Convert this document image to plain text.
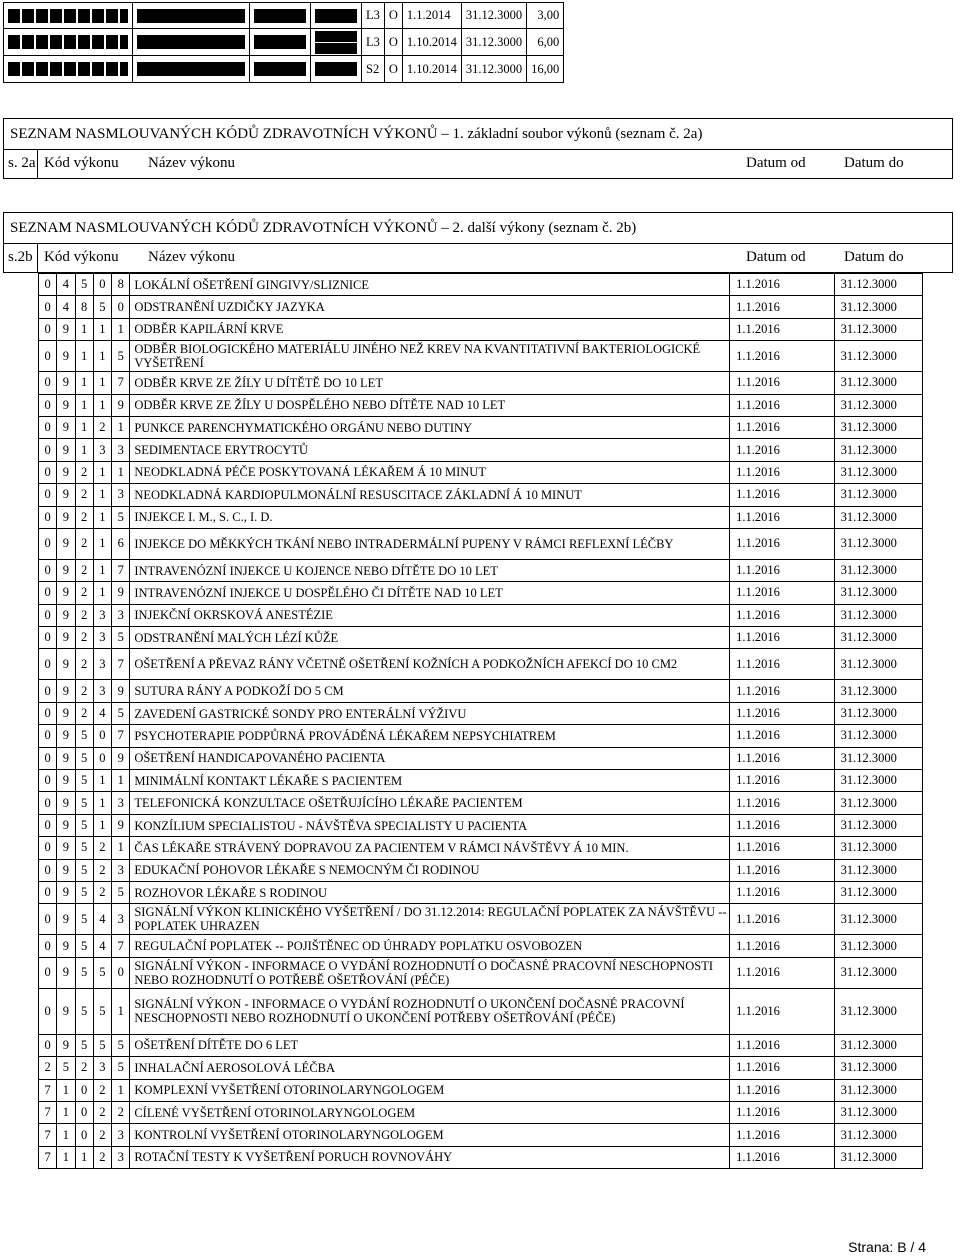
	L3	O	1.1.2014	31.12.3000	3,00

	L3	O	1.10.2014	31.12.3000	6,00

	S2	O	1.10.2014	31.12.3000	16,00
SEZNAM NASMLOUVANÝCH KÓDŮ ZDRAVOTNÍCH VÝKONŮ – 1. základní soubor výkonů (seznam č. 2a)
s. 2a Kód výkonu Název výkonu	Datum od	Datum do
SEZNAM NASMLOUVANÝCH KÓDŮ ZDRAVOTNÍCH VÝKONŮ – 2. další výkony (seznam č. 2b)
s.2b Kód výkonu Název výkonu	Datum od	Datum do
0	4	5	0	8	LOKÁLNÍ OŠETŘENÍ GINGIVY/SLIZNICE	1.1.2016	31.12.3000
0	4	8	5	0	ODSTRANĚNÍ UZDIČKY JAZYKA	1.1.2016	31.12.3000
0	9	1	1	1	ODBĚR KAPILÁRNÍ KRVE	1.1.2016	31.12.3000
0	9	1	1	5	ODBĚR BIOLOGICKÉHO MATERIÁLU JINÉHO NEŽ KREV NA KVANTITATIVNÍ BAKTERIOLOGICKÉ VYŠETŘENÍ	1.1.2016	31.12.3000
0	9	1	1	7	ODBĚR KRVE ZE ŽÍLY U DÍTĚTĚ DO 10 LET	1.1.2016	31.12.3000
0	9	1	1	9	ODBĚR KRVE ZE ŽÍLY U DOSPĚLÉHO NEBO DÍTĚTE NAD 10 LET	1.1.2016	31.12.3000
0	9	1	2	1	PUNKCE PARENCHYMATICKÉHO ORGÁNU NEBO DUTINY	1.1.2016	31.12.3000
0	9	1	3	3	SEDIMENTACE ERYTROCYTŮ	1.1.2016	31.12.3000
0	9	2	1	1	NEODKLADNÁ PÉČE POSKYTOVANÁ LÉKAŘEM Á 10 MINUT	1.1.2016	31.12.3000
0	9	2	1	3	NEODKLADNÁ KARDIOPULMONÁLNÍ RESUSCITACE ZÁKLADNÍ Á 10 MINUT	1.1.2016	31.12.3000
0	9	2	1	5	INJEKCE I. M., S. C., I. D.	1.1.2016	31.12.3000
0	9	2	1	6	INJEKCE DO MĚKKÝCH TKÁNÍ NEBO INTRADERMÁLNÍ PUPENY V RÁMCI REFLEXNÍ LÉČBY	1.1.2016	31.12.3000
0	9	2	1	7	INTRAVENÓZNÍ INJEKCE U KOJENCE NEBO DÍTĚTE DO 10 LET	1.1.2016	31.12.3000
0	9	2	1	9	INTRAVENÓZNÍ INJEKCE U DOSPĚLÉHO ČI DÍTĚTE NAD 10 LET	1.1.2016	31.12.3000
0	9	2	3	3	INJEKČNÍ OKRSKOVÁ ANESTÉZIE	1.1.2016	31.12.3000
0	9	2	3	5	ODSTRANĚNÍ MALÝCH LÉZÍ KŮŽE	1.1.2016	31.12.3000
0	9	2	3	7	OŠETŘENÍ A PŘEVAZ RÁNY VČETNĚ OŠETŘENÍ KOŽNÍCH A PODKOŽNÍCH AFEKCÍ DO 10 CM2	1.1.2016	31.12.3000
0	9	2	3	9	SUTURA RÁNY A PODKOŽÍ DO 5 CM	1.1.2016	31.12.3000
0	9	2	4	5	ZAVEDENÍ GASTRICKÉ SONDY PRO ENTERÁLNÍ VÝŽIVU	1.1.2016	31.12.3000
0	9	5	0	7	PSYCHOTERAPIE PODPŮRNÁ PROVÁDĚNÁ LÉKAŘEM NEPSYCHIATREM	1.1.2016	31.12.3000
0	9	5	0	9	OŠETŘENÍ HANDICAPOVANÉHO PACIENTA	1.1.2016	31.12.3000
0	9	5	1	1	MINIMÁLNÍ KONTAKT LÉKAŘE S PACIENTEM	1.1.2016	31.12.3000
0	9	5	1	3	TELEFONICKÁ KONZULTACE OŠETŘUJÍCÍHO LÉKAŘE PACIENTEM	1.1.2016	31.12.3000
0	9	5	1	9	KONZÍLIUM SPECIALISTOU - NÁVŠTĚVA SPECIALISTY U PACIENTA	1.1.2016	31.12.3000
0	9	5	2	1	ČAS LÉKAŘE STRÁVENÝ DOPRAVOU ZA PACIENTEM V RÁMCI NÁVŠTĚVY Á 10 MIN.	1.1.2016	31.12.3000
0	9	5	2	3	EDUKAČNÍ POHOVOR LÉKAŘE S NEMOCNÝM ČI RODINOU	1.1.2016	31.12.3000
0	9	5	2	5	ROZHOVOR LÉKAŘE S RODINOU	1.1.2016	31.12.3000
0	9	5	4	3	SIGNÁLNÍ VÝKON KLINICKÉHO VYŠETŘENÍ / DO 31.12.2014: REGULAČNÍ POPLATEK ZA NÁVŠTĚVU -- POPLATEK UHRAZEN	1.1.2016	31.12.3000
0	9	5	4	7	REGULAČNÍ POPLATEK -- POJIŠTĚNEC OD ÚHRADY POPLATKU OSVOBOZEN	1.1.2016	31.12.3000
0	9	5	5	0	SIGNÁLNÍ VÝKON - INFORMACE O VYDÁNÍ ROZHODNUTÍ O DOČASNÉ PRACOVNÍ NESCHOPNOSTI NEBO ROZHODNUTÍ O POTŘEBĚ OŠETŘOVÁNÍ (PÉČE)	1.1.2016	31.12.3000
0	9	5	5	1	SIGNÁLNÍ VÝKON - INFORMACE O VYDÁNÍ ROZHODNUTÍ O UKONČENÍ DOČASNÉ PRACOVNÍ NESCHOPNOSTI NEBO ROZHODNUTÍ O UKONČENÍ POTŘEBY OŠETŘOVÁNÍ (PÉČE)	1.1.2016	31.12.3000
0	9	5	5	5	OŠETŘENÍ DÍTĚTE DO 6 LET	1.1.2016	31.12.3000
2	5	2	3	5	INHALAČNÍ AEROSOLOVÁ LÉČBA	1.1.2016	31.12.3000
7	1	0	2	1	KOMPLEXNÍ VYŠETŘENÍ OTORINOLARYNGOLOGEM	1.1.2016	31.12.3000
7	1	0	2	2	CÍLENÉ VYŠETŘENÍ OTORINOLARYNGOLOGEM	1.1.2016	31.12.3000
7	1	0	2	3	KONTROLNÍ VYŠETŘENÍ OTORINOLARYNGOLOGEM	1.1.2016	31.12.3000
7	1	1	2	3	ROTAČNÍ TESTY K VYŠETŘENÍ PORUCH ROVNOVÁHY	1.1.2016	31.12.3000
Strana: B / 4
